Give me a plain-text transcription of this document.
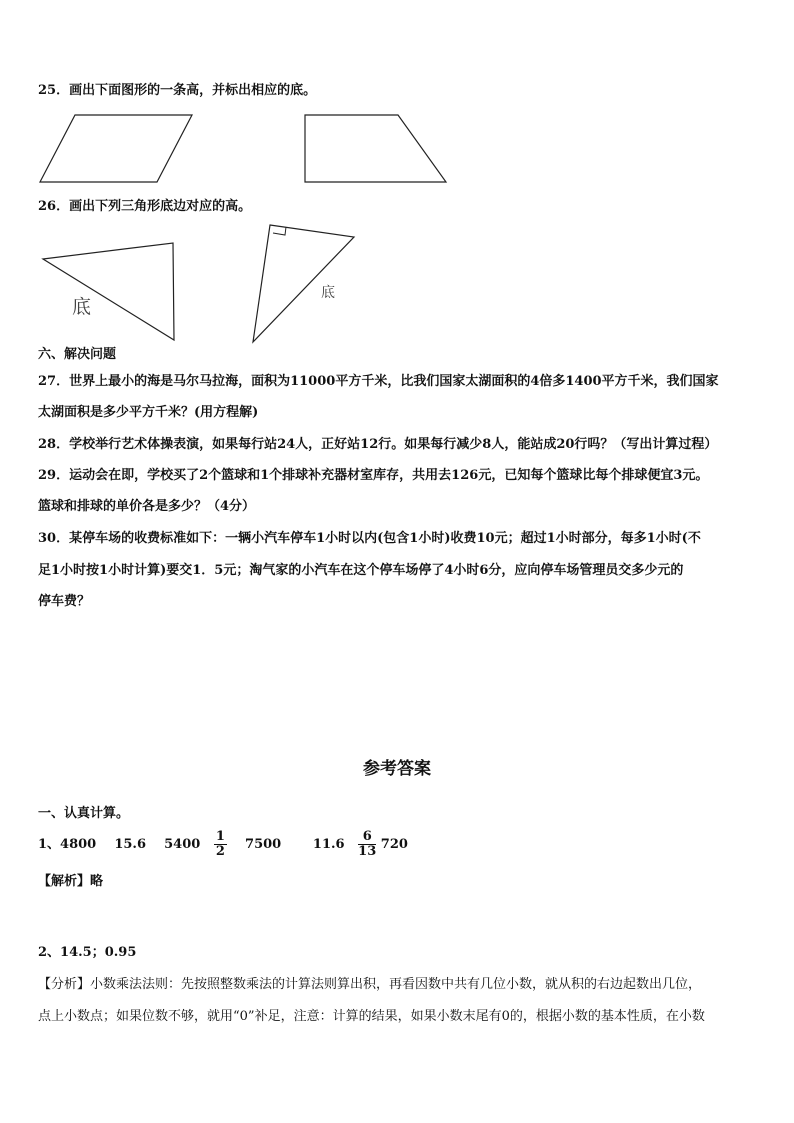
25．画出下面图形的一条高，并标出相应的底。
26．画出下列三角形底边对应的高。
底
底
六、解决问题
27．世界上最小的海是马尔马拉海，面积为11000平方千米，比我们国家太湖面积的4倍多1400平方千米，我们国家
太湖面积是多少平方千米？(用方程解)
28．学校举行艺术体操表演，如果每行站24人，正好站12行。如果每行减少8人，能站成20行吗？（写出计算过程）
29．运动会在即，学校买了2个篮球和1个排球补充器材室库存，共用去126元，已知每个篮球比每个排球便宜3元。
篮球和排球的单价各是多少？（4分）
30．某停车场的收费标准如下：一辆小汽车停车1小时以内(包含1小时)收费10元；超过1小时部分，每多1小时(不
足1小时按1小时计算)要交1．5元；淘气家的小汽车在这个停车场停了4小时6分，应向停车场管理员交多少元的
停车费？
参考答案
一、认真计算。
1、4800 15.6 $5400 \frac{1}{2} 7500$ $11.6 \frac{6}{13} 720$
【解析】略
2、14.5；0.95
【分析】小数乘法法则：先按照整数乘法的计算法则算出积，再看因数中共有几位小数，就从积的右边起数出几位，
点上小数点；如果位数不够，就用“0”补足，注意：计算的结果，如果小数末尾有0的，根据小数的基本性质，在小数
